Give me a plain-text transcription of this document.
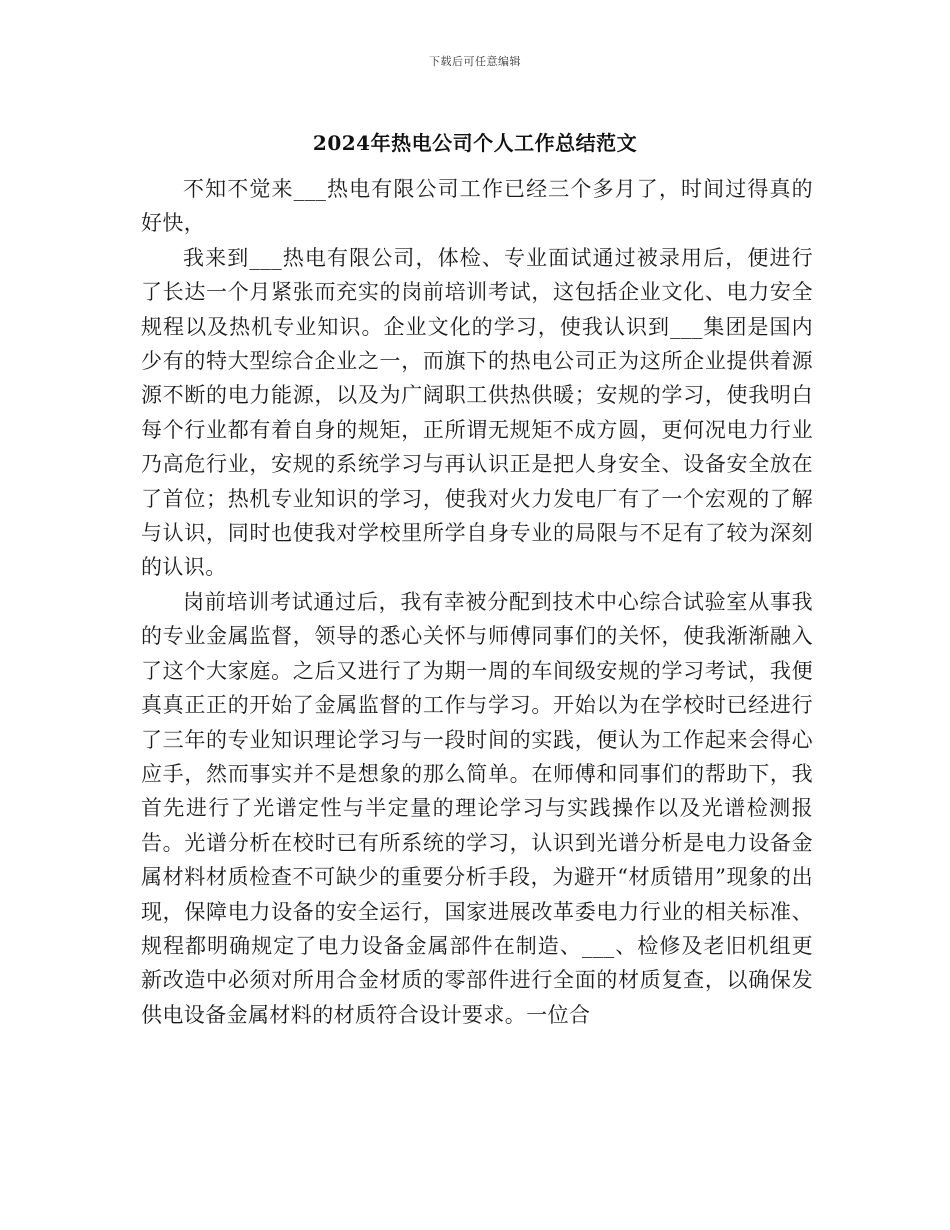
下载后可任意编辑
2024年热电公司个人工作总结范文

不知不觉来___热电有限公司工作已经三个多月了，时间过得真的好快，

我来到___热电有限公司，体检、专业面试通过被录用后，便进行了长达一个月紧张而充实的岗前培训考试，这包括企业文化、电力安全规程以及热机专业知识。企业文化的学习，使我认识到___集团是国内少有的特大型综合企业之一，而旗下的热电公司正为这所企业提供着源源不断的电力能源，以及为广阔职工供热供暖；安规的学习，使我明白每个行业都有着自身的规矩，正所谓无规矩不成方圆，更何况电力行业乃高危行业，安规的系统学习与再认识正是把人身安全、设备安全放在了首位；热机专业知识的学习，使我对火力发电厂有了一个宏观的了解与认识，同时也使我对学校里所学自身专业的局限与不足有了较为深刻的认识。

岗前培训考试通过后，我有幸被分配到技术中心综合试验室从事我的专业金属监督，领导的悉心关怀与师傅同事们的关怀，使我渐渐融入了这个大家庭。之后又进行了为期一周的车间级安规的学习考试，我便真真正正的开始了金属监督的工作与学习。开始以为在学校时已经进行了三年的专业知识理论学习与一段时间的实践，便认为工作起来会得心应手，然而事实并不是想象的那么简单。在师傅和同事们的帮助下，我首先进行了光谱定性与半定量的理论学习与实践操作以及光谱检测报告。光谱分析在校时已有所系统的学习，认识到光谱分析是电力设备金属材料材质检查不可缺少的重要分析手段，为避开“材质错用”现象的出现，保障电力设备的安全运行，国家进展改革委电力行业的相关标准、规程都明确规定了电力设备金属部件在制造、___、检修及老旧机组更新改造中必须对所用合金材质的零部件进行全面的材质复查，以确保发供电设备金属材料的材质符合设计要求。一位合
